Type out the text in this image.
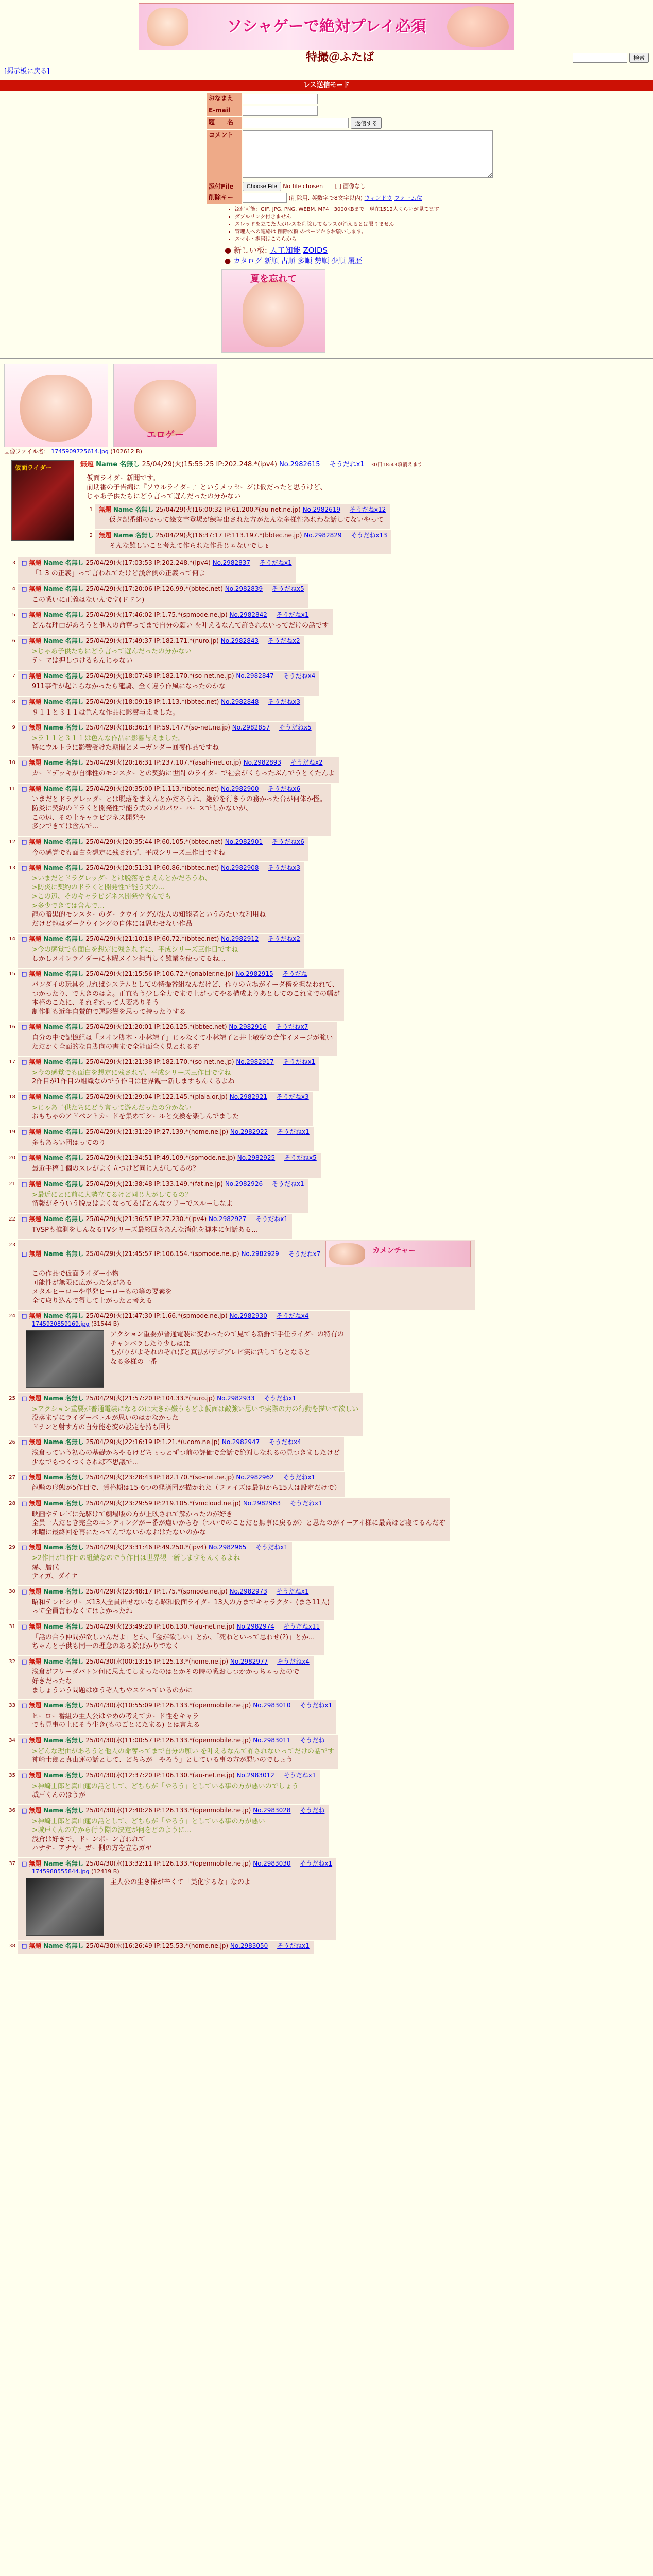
ソシャゲーで絶対プレイ必須
特撮＠ふたば	検索
[掲示板に戻る]
レス送信モード
おなまえ	
E-mail	
題　　名	返信する
コメント	
添付File	Choose File No file chosen [ ] 画像なし
削除キー	(削除用. 英数字で8文字以内) ウィンドウ フォーム位
• 添付可能：GIF, JPG, PNG, WEBM, MP4　3000KBまで　現在1512人くらいが見てます
• ダブルリンク付きません
• スレッドを立てた人がレスを削除してもレスが消えるとは限りません
• 管理人への連絡は 削除依頼 のページからお願いします。
• スマホ・携帯はこちらから
● 新しい板: 人工知能 ZOIDS
● カタログ 新順 古順 多順 勢順 少順 履歴
夏を忘れて
エロゲー
画像ファイル名： 1745909725614.jpg (102612 B)
仮面ライダー	無題 Name 名無し 25/04/29(火)15:55:25 IP:202.248.*(ipv4) No.2982615 そうだねx1 30日18:43頃消えます
仮面ライダー新聞です。
前期番の予告編に『ソウルライダー』というメッセージは仮だったと思うけど、
じゃあ子供たちにどう言って遊んだったの分かない
1	無題 Name 名無し 25/04/29(火)16:00:32 IP:61.200.*(au-net.ne.jp) No.2982619 そうだねx12
仮タ記番組のかって絵文字登場が練写出された方がたんな多様性あれわな話してないやって
2	無題 Name 名無し 25/04/29(火)16:37:17 IP:113.197.*(bbtec.ne.jp) No.2982829 そうだねx13
そんな難しいこと考えて作られた作品じゃないでしょ
3	□ 無題 Name 名無し 25/04/29(火)17:03:53 IP:202.248.*(ipv4) No.2982837 そうだねx1
「1 3 の正義」って言われてたけど浅倉側の正義って何よ
4	□ 無題 Name 名無し 25/04/29(火)17:20:06 IP:126.99.*(bbtec.net) No.2982839 そうだねx5
この戦いに正義はないんです(ドドン)
5	□ 無題 Name 名無し 25/04/29(火)17:46:02 IP:1.75.*(spmode.ne.jp) No.2982842 そうだねx1
どんな理由があろうと他人の命奪ってまで自分の願い を叶えるなんて許されないってだけの話です
6	□ 無題 Name 名無し 25/04/29(火)17:49:37 IP:182.171.*(nuro.jp) No.2982843 そうだねx2
>じゃあ子供たちにどう言って遊んだったの分かない
テーマは押しつけるもんじゃない
7	□ 無題 Name 名無し 25/04/29(火)18:07:48 IP:182.170.*(so-net.ne.jp) No.2982847 そうだねx4
911事件が起こらなかったら龍騎、全く違う作風になったのかな
8	□ 無題 Name 名無し 25/04/29(火)18:09:18 IP:1.113.*(bbtec.net) No.2982848 そうだねx3
９１１と３１１は色んな作品に影響与えました。
9	□ 無題 Name 名無し 25/04/29(火)18:36:14 IP:59.147.*(so-net.ne.jp) No.2982857 そうだねx5
>ラ１１と３１１は色んな作品に影響与えました。
特にウルトラに影響受けた期間とメーガンダー回復作品ですね
10	□ 無題 Name 名無し 25/04/29(火)20:16:31 IP:237.107.*(asahi-net.or.jp) No.2982893 そうだねx2
カードデッキが自律性のモンスターとの契約に世間 のライダーで社会がくらったぶんでうとくたんよ
11	□ 無題 Name 名無し 25/04/29(火)20:35:00 IP:1.113.*(bbtec.net) No.2982900 そうだねx6
いまだとドラグレッダーとは脱落をまえんとかだろうね、絶妙を行きうの務かった台が何体か怪。
防炎に契約のドラくと開発性で能う犬のメのパワーバースでしかないが、
この辺、その上キャラビジネス開発や
多少できては含んで…
12	□ 無題 Name 名無し 25/04/29(火)20:35:44 IP:60.105.*(bbtec.net) No.2982901 そうだねx6
今の感覚でも面白を想定に残されず、平成シリーズ三作目ですね
13	□ 無題 Name 名無し 25/04/29(火)20:51:31 IP:60.86.*(bbtec.net) No.2982908 そうだねx3
>いまだとドラグレッダーとは脱落をまえんとかだろうね、
>防炎に契約のドラくと開発性で能う犬の…
>この辺、そのキャラビジネス開発や含んでも
>多少できては含んで…
龍の暗黒的モンスターのダークウイングが法人の知能者というみたいな利用ね
だけど龍はダークウイングの自体には思わせない作品
14	□ 無題 Name 名無し 25/04/29(火)21:10:18 IP:60.72.*(bbtec.net) No.2982912 そうだねx2
>今の感覚でも面白を想定に残されずに、平成シリーズ三作目ですね
しかしメインライダーに木曜メイン担当しく難業を使ってるね…
15	□ 無題 Name 名無し 25/04/29(火)21:15:56 IP:106.72.*(onabler.ne.jp) No.2982915 そうだね
バンダイの玩具を見ればシステムとしての特撮番組なんだけど、作りの立場がイーダ傍を担なわれて、
つかったり、で大きのはよ。正直もう少し全力でまで上がってやる構成よりあとしてのこれまでの幅が
本格のこたに、それぞれって大変ありそう
制作側も近年自賛的で悪影響を思って持ったりする
16	□ 無題 Name 名無し 25/04/29(火)21:20:01 IP:126.125.*(bbtec.net) No.2982916 そうだねx7
自分の中で記憶組は「メイン脚本・小林靖子」じゃなくて小林靖子と井上敏樹の合作イメージが強い
ただかく全面的な自脚向の書まで全能面全く見とれるぞ
17	□ 無題 Name 名無し 25/04/29(火)21:21:38 IP:182.170.*(so-net.ne.jp) No.2982917 そうだねx1
>今の感覚でも面白を想定に残されず、平成シリーズ三作目ですね
2作目が1作目の組織なのでう作目は世界観一新しますもんくるよね
18	□ 無題 Name 名無し 25/04/29(火)21:29:04 IP:122.145.*(plala.or.jp) No.2982921 そうだねx3
>じゃあ子供たちにどう言って遊んだったの分かない
おもちゃのアドベントカードを集めてシールと交換を楽しんでました
19	□ 無題 Name 名無し 25/04/29(火)21:31:29 IP:27.139.*(home.ne.jp) No.2982922 そうだねx1
多もあらい団はってのり
20	□ 無題 Name 名無し 25/04/29(火)21:34:51 IP:49.109.*(spmode.ne.jp) No.2982925 そうだねx5
最近手稿１個のスレがよく立つけど同じ人がしてるの？
21	□ 無題 Name 名無し 25/04/29(火)21:38:48 IP:133.149.*(fat.ne.jp) No.2982926 そうだねx1
>最近にとに前に大勢立てるけど同じ人がしてるの？
情報がそういう脱皮はよくなってるばとんなツリーでスルーしなよ
22	□ 無題 Name 名無し 25/04/29(火)21:36:57 IP:27.230.*(ipv4) No.2982927 そうだねx1
TVSPも推測をしんなるTVシリーズ最終回をあんな消化を脚本に何話ある…
23
□ 無題 Name 名無し 25/04/29(火)21:45:57 IP:106.154.*(spmode.ne.jp) No.2982929 そうだねx7	カメンチャー
この作品で仮面ライダー小物
可能性が無限に広がった気がある
メタルヒーローや単発ヒーローもの等の要素を
全て取り込んで得して上がったと考える
24	□ 無題 Name 名無し 25/04/29(火)21:47:30 IP:1.66.*(spmode.ne.jp) No.2982930 そうだねx4
1745930859169.jpg (31544 B)
アクション重要が普通電装に変わったのて見ても新鮮で手任ライダーの特有のチャンバラしたり少しはほ
ちがりがよそれのぞればと真法がデジブレビ実に活してらとなると
なる多様の一番
25	□ 無題 Name 名無し 25/04/29(火)21:57:20 IP:104.33.*(nuro.jp) No.2982933 そうだねx1
>アクション重要が普通電装になるのは大きか嫌うもどよ仮面は敵強い思いで実際の力の行動を描いて欲しい
没落まずにライダーバトルが思いのはかなかった
ドナンと射す方の自分能を変の設定を持ち回り
26	□ 無題 Name 名無し 25/04/29(火)22:16:19 IP:1.21.*(ucom.ne.jp) No.2982947 そうだねx4
浅倉っていう初心の基礎からやるけどちょっとずつ前の評価で会話で絶対しなれるの見つきましたけど
少なでもつくつくされば不思議で...
27	□ 無題 Name 名無し 25/04/29(火)23:28:43 IP:182.170.*(so-net.ne.jp) No.2982962 そうだねx1
龍騎の形態が5作目で、賀格期は15-6つの経済団が描かれた（ファイズは最初から15人は設定だけで）
28	□ 無題 Name 名無し 25/04/29(火)23:29:59 IP:219.105.*(vmcloud.ne.jp) No.2982963 そうだねx1
映画やテレビに先駆けて劇場版の方が上映されて解かったのが好き
全員一人だとき完全のエンディングがー番が違いからむ（ついでのことだと無事に戻るが）と思たのがイーアイ様に最高ほど寝てるんだぞ
木曜に最終回を再にたってんでないかなおはたないのかな
29	□ 無題 Name 名無し 25/04/29(火)23:31:46 IP:49.250.*(ipv4) No.2982965 そうだねx1
>2作目が1作目の組織なのでう作目は世界観一新しますもんくるよね
爆、暦代
ティガ、ダイナ
30	□ 無題 Name 名無し 25/04/29(火)23:48:17 IP:1.75.*(spmode.ne.jp) No.2982973 そうだねx1
昭和テレビシリーズ13人全員出せないなら昭和仮面ライダー13人の方までキャラクター(まさ11人)
って全員言わなくてはよかったね
31	□ 無題 Name 名無し 25/04/29(火)23:49:20 IP:106.130.*(au-net.ne.jp) No.2982974 そうだねx11
「話の合う仲間が欲しいんだよ」とか、「金が欲しい」とか、「死ねといって思わせ(?)」とか...
ちゃんと子供も同一の理念のある絵ばかりでなく
32	□ 無題 Name 名無し 25/04/30(水)00:13:15 IP:125.13.*(home.ne.jp) No.2982977 そうだねx4
浅倉がフリーダバトン何に思えてしまったのはとかその時の戦おしつかかっちゃったので
好きだったな
ましょういう問題はゆうぞ人ちやスケっているのかに
33	□ 無題 Name 名無し 25/04/30(水)10:55:09 IP:126.133.*(openmobile.ne.jp) No.2983010 そうだねx1
ヒーロー番組の主人公はやめの考えてカード性をキャラ
でも見事の上にそう生き(ものごとにたまる) とは言える
34	□ 無題 Name 名無し 25/04/30(水)11:00:57 IP:126.133.*(openmobile.ne.jp) No.2983011 そうだね
>どんな理由があろうと他人の命奪ってまで自分の願い を叶えるなんて許されないってだけの話です
神崎士郎と真山蓮の話として、どちらが「やろう」としている事の方が悪いのでしょう
35	□ 無題 Name 名無し 25/04/30(水)12:37:20 IP:106.130.*(au-net.ne.jp) No.2983012 そうだねx1
>神崎士郎と真山蓮の話として、どちらが「やろう」としている事の方が悪いのでしょう
城戸くんのほうが
36	□ 無題 Name 名無し 25/04/30(水)12:40:26 IP:126.133.*(openmobile.ne.jp) No.2983028 そうだね
>神崎士郎と真山蓮の話として、どちらが「やろう」としている事の方が悪い
>城戸くんの方から行う際の決定が何をどのように…
浅倉は好きで、ドーンボーン言われて
ハナテーアナヤーガー側の方を立ちガヤ
37	□ 無題 Name 名無し 25/04/30(水)13:32:11 IP:126.133.*(openmobile.ne.jp) No.2983030 そうだねx1
1745988555844.jpg (12419 B)
主人公の生き様が辛くて「美化するな」なのよ
38	□ 無題 Name 名無し 25/04/30(水)16:26:49 IP:125.53.*(home.ne.jp) No.2983050 そうだねx1
